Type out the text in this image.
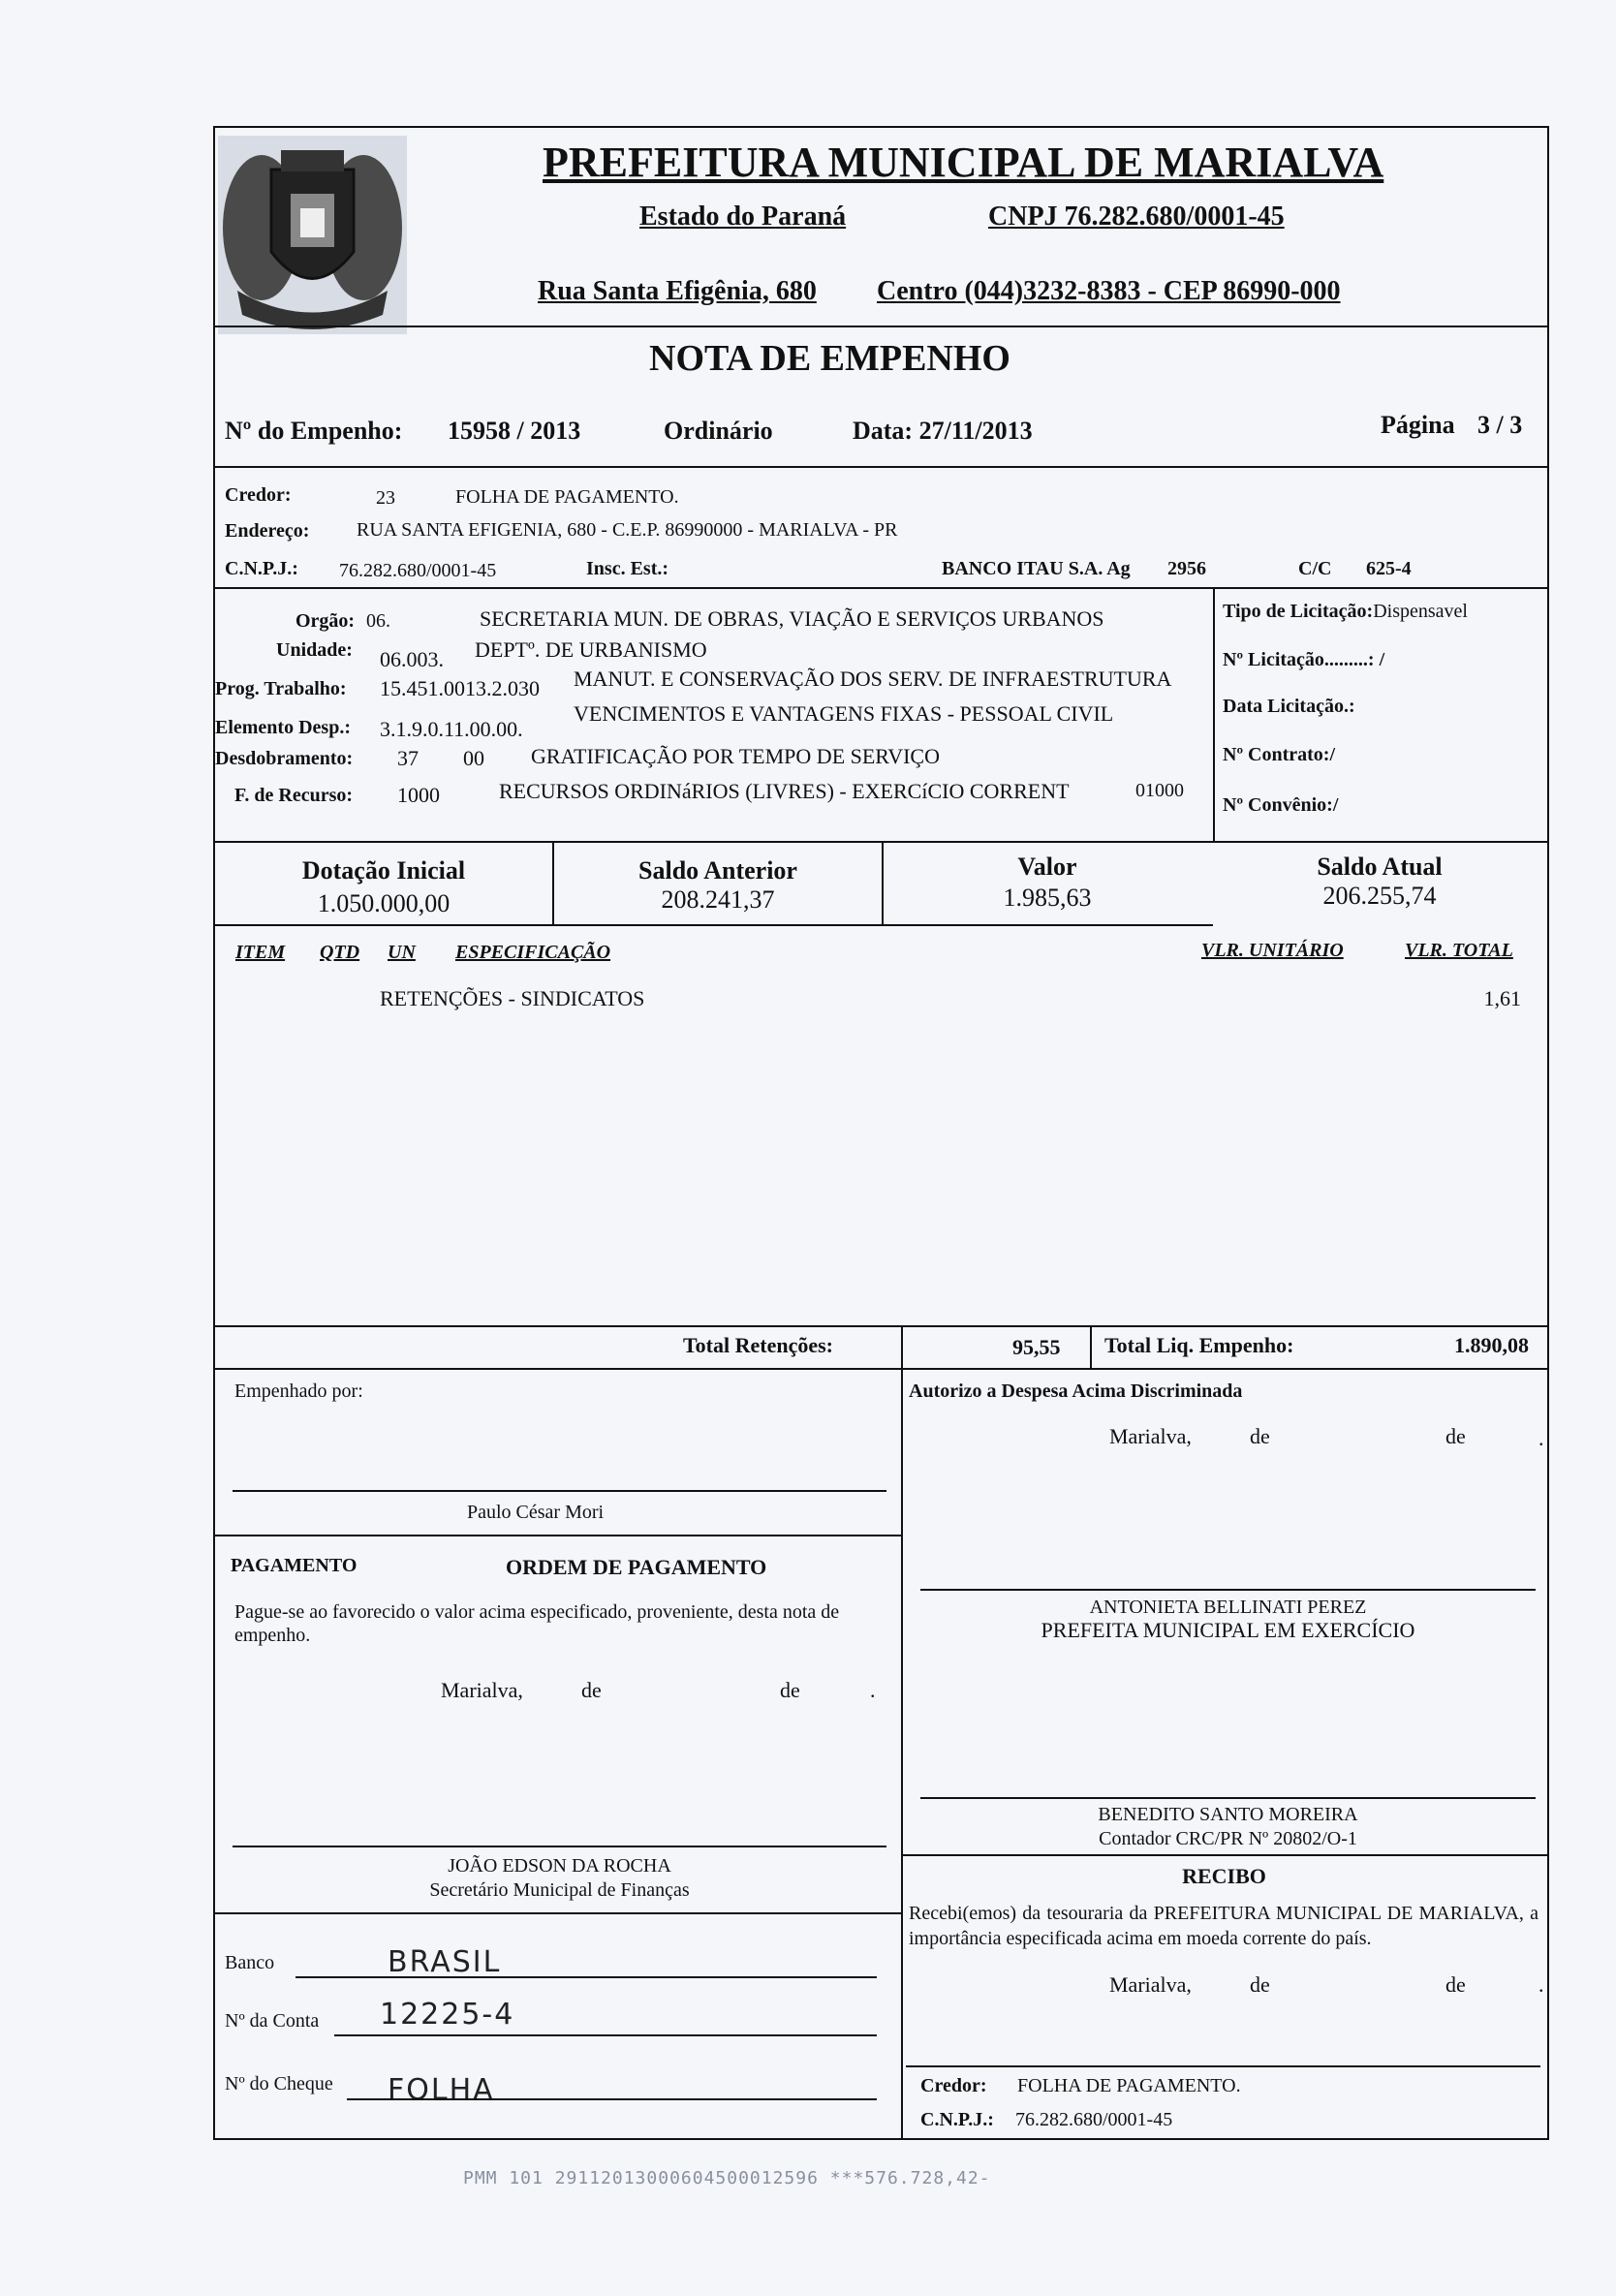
PREFEITURA MUNICIPAL DE MARIALVA
Estado do Paraná	CNPJ 76.282.680/0001-45
Rua Santa Efigênia, 680 Centro (044)3232-8383 - CEP 86990-000
NOTA DE EMPENHO
Nº do Empenho: 15958 / 2013	Ordinário	Data: 27/11/2013	Página 3 / 3
Credor:	23	FOLHA DE PAGAMENTO.
Endereço: RUA SANTA EFIGENIA, 680 - C.E.P. 86990000 - MARIALVA - PR
C.N.P.J.: 76.282.680/0001-45	Insc. Est.:	BANCO ITAU S.A. Ag 2956	C/C 625-4
Orgão: 06.	SECRETARIA MUN. DE OBRAS, VIAÇÃO E SERVIÇOS URBANOS
Unidade: 06.003. DEPTº. DE URBANISMO
Prog. Trabalho: 15.451.0013.2.030 MANUT. E CONSERVAÇÃO DOS SERV. DE INFRAESTRUTURA
Elemento Desp.: 3.1.9.0.11.00.00.
VENCIMENTOS E VANTAGENS FIXAS - PESSOAL CIVIL
Desdobramento: 37 00 GRATIFICAÇÃO POR TEMPO DE SERVIÇO
F. de Recurso: 1000	RECURSOS ORDINáRIOS (LIVRES) - EXERCíCIO CORRENT	01000
Tipo de Licitação:Dispensavel
Nº Licitação.........: /
Data Licitação.:
Nº Contrato:/
Nº Convênio:/
Dotação Inicial
1.050.000,00
Saldo Anterior
208.241,37
Valor
1.985,63
Saldo Atual
206.255,74
ITEM QTD UN ESPECIFICAÇÃO	VLR. UNITÁRIO	VLR. TOTAL
RETENÇÕES - SINDICATOS	1,61
Total Retenções:	95,55 Total Liq. Empenho:	1.890,08
Empenhado por:
Paulo César Mori
PAGAMENTO	ORDEM DE PAGAMENTO
Pague-se ao favorecido o valor acima especificado, proveniente, desta nota de empenho.
Marialva,	de	de	.
JOÃO EDSON DA ROCHA
Secretário Municipal de Finanças
Banco	BRASIL
Nº da Conta 12225-4
Nº do Cheque FOLHA
Autorizo a Despesa Acima Discriminada
Marialva,	de	de	.
ANTONIETA BELLINATI PEREZ
PREFEITA MUNICIPAL EM EXERCÍCIO
BENEDITO SANTO MOREIRA
Contador CRC/PR Nº 20802/O-1
RECIBO
Recebi(emos) da tesouraria da PREFEITURA MUNICIPAL DE MARIALVA, a importância especificada acima em moeda corrente do país.
Marialva,	de	de	.
Credor: FOLHA DE PAGAMENTO.
C.N.P.J.: 76.282.680/0001-45
PMM 101 29112013000604500012596 ***576.728,42-
